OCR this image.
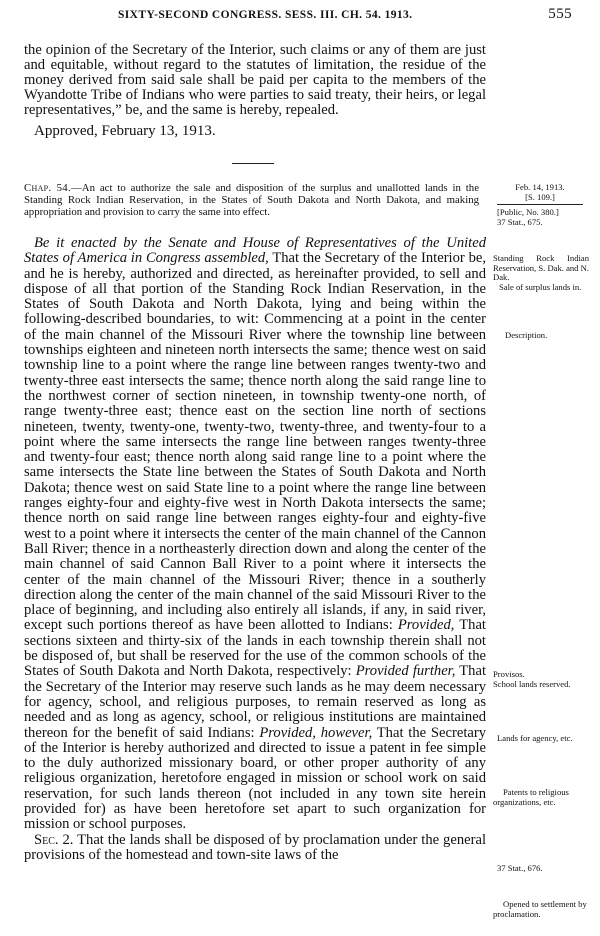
SIXTY-SECOND CONGRESS. SESS. III. CH. 54. 1913.	555

the opinion of the Secretary of the Interior, such claims or any of them are just and equitable, without regard to the statutes of limitation, the residue of the money derived from said sale shall be paid per capita to the members of the Wyandotte Tribe of Indians who were parties to said treaty, their heirs, or legal representatives,” be, and the same is hereby, repealed.

Approved, February 13, 1913.
Chap. 54.—An act to authorize the sale and disposition of the surplus and unallotted lands in the Standing Rock Indian Reservation, in the States of South Dakota and North Dakota, and making appropriation and provision to carry the same into effect.
Feb. 14, 1913.
[S. 109.]
[Public, No. 380.]
37 Stat., 675.

Be it enacted by the Senate and House of Representatives of the United States of America in Congress assembled, That the Secretary of the Interior be, and he is hereby, authorized and directed, as hereinafter provided, to sell and dispose of all that portion of the Standing Rock Indian Reservation, in the States of South Dakota and North Dakota, lying and being within the following-described boundaries, to wit: Commencing at a point in the center of the main channel of the Missouri River where the township line between townships eighteen and nineteen north intersects the same; thence west on said township line to a point where the range line between ranges twenty-two and twenty-three east intersects the same; thence north along the said range line to the northwest corner of section nineteen, in township twenty-one north, of range twenty-three east; thence east on the section line north of sections nineteen, twenty, twenty-one, twenty-two, twenty-three, and twenty-four to a point where the same intersects the range line between ranges twenty-three and twenty-four east; thence north along said range line to a point where the same intersects the State line between the States of South Dakota and North Dakota; thence west on said State line to a point where the range line between ranges eighty-four and eighty-five west in North Dakota intersects the same; thence north on said range line between ranges eighty-four and eighty-five west to a point where it intersects the center of the main channel of the Cannon Ball River; thence in a northeasterly direction down and along the center of the main channel of said Cannon Ball River to a point where it intersects the center of the main channel of the Missouri River; thence in a southerly direction along the center of the main channel of the said Missouri River to the place of beginning, and including also entirely all islands, if any, in said river, except such portions thereof as have been allotted to Indians: Provided, That sections sixteen and thirty-six of the lands in each township therein shall not be disposed of, but shall be reserved for the use of the common schools of the States of South Dakota and North Dakota, respectively: Provided further, That the Secretary of the Interior may reserve such lands as he may deem necessary for agency, school, and religious purposes, to remain reserved as long as needed and as long as agency, school, or religious institutions are maintained thereon for the benefit of said Indians: Provided, however, That the Secretary of the Interior is hereby authorized and directed to issue a patent in fee simple to the duly authorized missionary board, or other proper authority of any religious organization, heretofore engaged in mission or school work on said reservation, for such lands thereon (not included in any town site herein provided for) as have been heretofore set apart to such organization for mission or school purposes.

Sec. 2. That the lands shall be disposed of by proclamation under the general provisions of the homestead and town-site laws of the

Standing Rock Indian Reservation, S. Dak. and N. Dak.
Sale of surplus lands in.
Description.
Provisos.
School lands reserved.
Lands for agency, etc.
Patents to religious organizations, etc.
37 Stat., 676.
Opened to settlement by proclamation.
